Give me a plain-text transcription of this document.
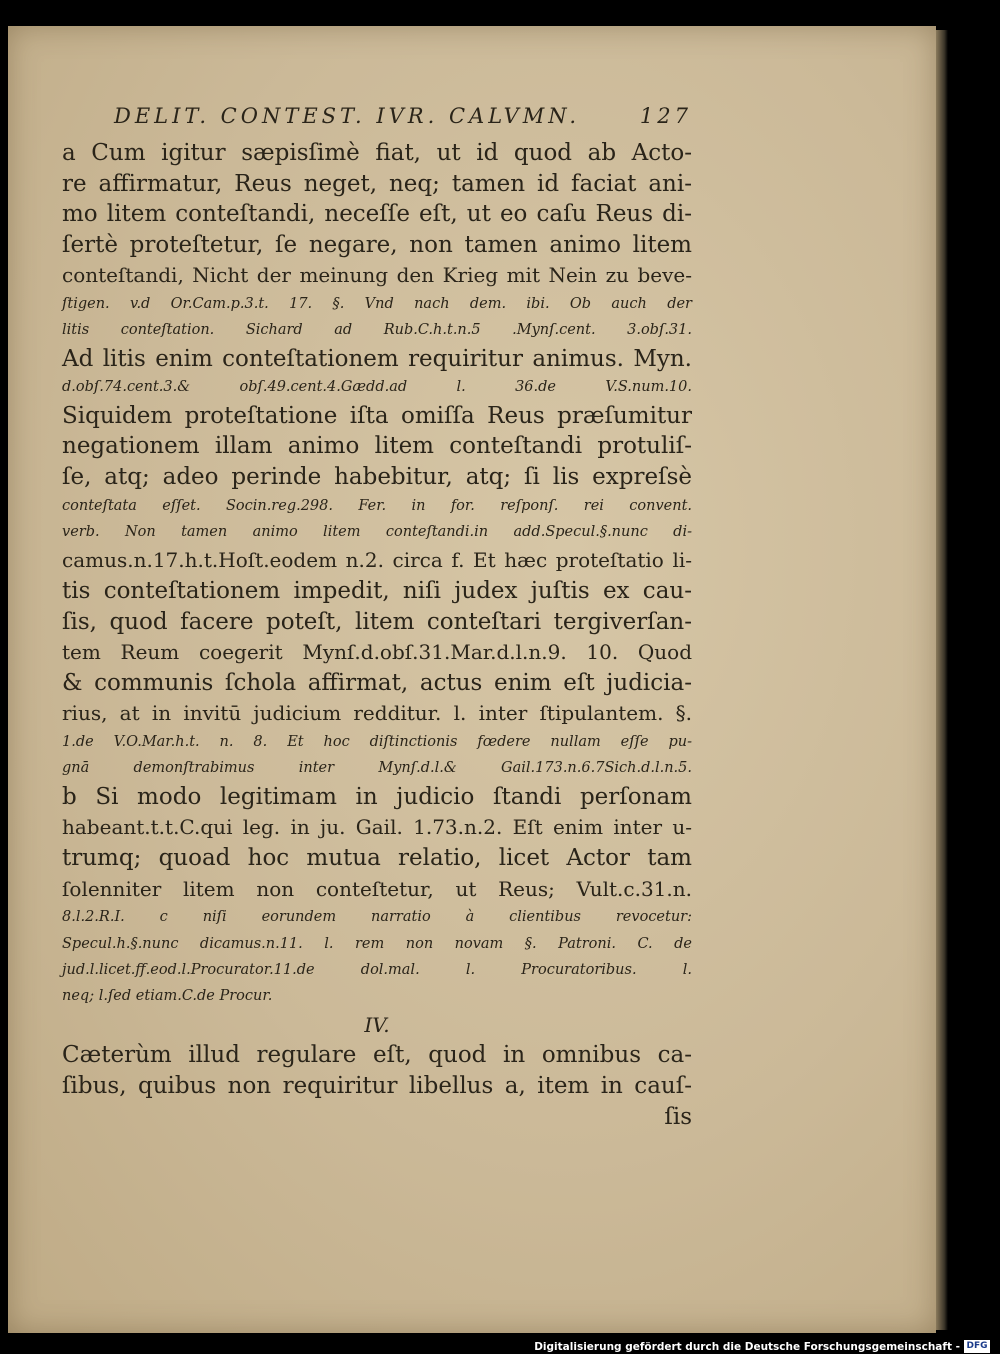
DELIT. CONTEST. IVR. CALVMN.	127
a Cum igitur sæpisſimè fiat, ut id quod ab Acto-
re affirmatur, Reus neget, neq; tamen id faciat ani-
mo litem conteſtandi, neceſſe eſt, ut eo caſu Reus di-
ſertè proteſtetur, ſe negare, non tamen animo litem
conteſtandi, Nicht der meinung den Krieg mit Nein zu beve-
ſtigen. v.d Or.Cam.p.3.t. 17. §. Vnd nach dem. ibi. Ob auch der
litis conteſtation. Sichard ad Rub.C.h.t.n.5 .Mynſ.cent. 3.obſ.31.
Ad litis enim conteſtationem requiritur animus. Myn.
d.obſ.74.cent.3.& obſ.49.cent.4.Gædd.ad l. 36.de V.S.num.10.
Siquidem proteſtatione iſta omiſſa Reus præſumitur
negationem illam animo litem conteſtandi protuliſ-
ſe, atq; adeo perinde habebitur, atq; ſi lis expreſsè
conteſtata eſſet. Socin.reg.298. Fer. in for. reſponſ. rei convent.
verb. Non tamen animo litem conteſtandi.in add.Specul.§.nunc di-
camus.n.17.h.t.Hoſt.eodem n.2. circa f. Et hæc proteſtatio li-
tis conteſtationem impedit, niſi judex juſtis ex cau-
ſis, quod facere poteſt, litem conteſtari tergiverſan-
tem Reum coegerit Mynſ.d.obſ.31.Mar.d.l.n.9. 10. Quod
& communis ſchola affirmat, actus enim eſt judicia-
rius, at in invitū judicium redditur. l. inter ſtipulantem. §.
1.de V.O.Mar.h.t. n. 8. Et hoc diſtinctionis fœdere nullam eſſe pu-
gnā demonſtrabimus inter Mynſ.d.l.& Gail.173.n.6.7Sich.d.l.n.5.
b Si modo legitimam in judicio ſtandi perſonam
habeant.t.t.C.qui leg. in ju. Gail. 1.73.n.2. Eſt enim inter u-
trumq; quoad hoc mutua relatio, licet Actor tam
ſolenniter litem non conteſtetur, ut Reus; Vult.c.31.n.
8.l.2.R.I. c niſi eorundem narratio à clientibus revocetur:
Specul.h.§.nunc dicamus.n.11. l. rem non novam §. Patroni. C. de
jud.l.licet.ff.eod.l.Procurator.11.de dol.mal. l. Procuratoribus. l.
neq; l.ſed etiam.C.de Procur.
IV.
Cæterùm illud regulare eſt, quod in omnibus ca-
ſibus, quibus non requiritur libellus a, item in cauſ-
ſis
Digitalisierung gefördert durch die Deutsche Forschungsgemeinschaft - DFG
